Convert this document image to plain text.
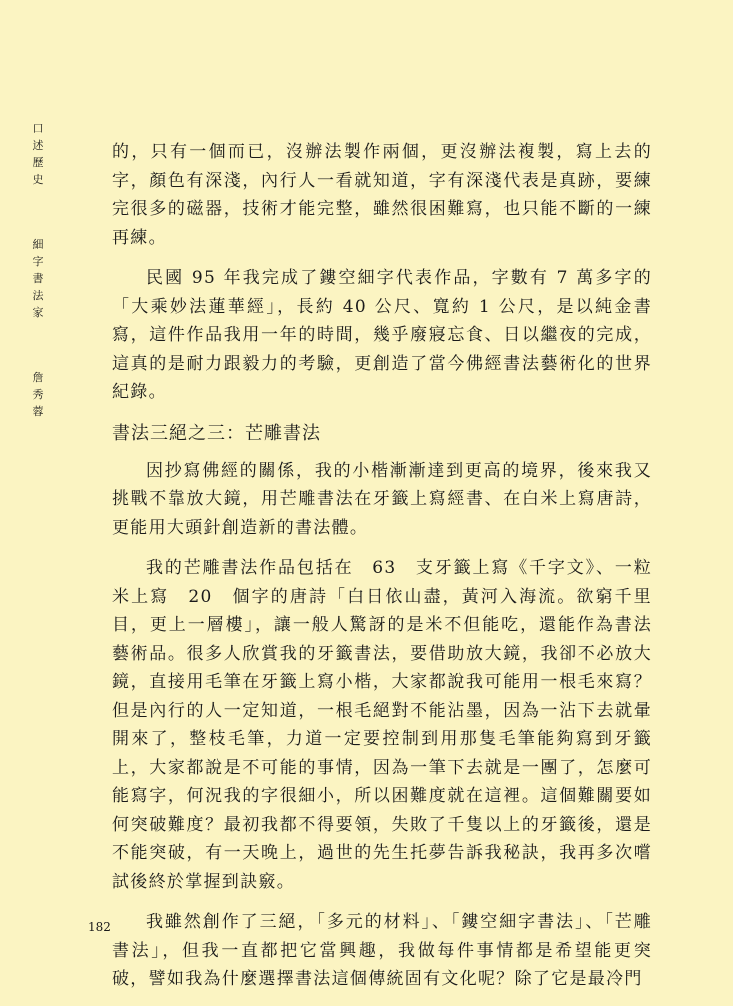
口述歷史
細字書法家
詹秀蓉

的，只有一個而已，沒辦法製作兩個，更沒辦法複製，寫上去的字，顏色有深淺，內行人一看就知道，字有深淺代表是真跡，要練完很多的磁器，技術才能完整，雖然很困難寫，也只能不斷的一練再練。

民國 95 年我完成了鏤空細字代表作品，字數有 7 萬多字的「大乘妙法蓮華經」，長約 40 公尺、寬約 1 公尺，是以純金書寫，這件作品我用一年的時間，幾乎廢寢忘食、日以繼夜的完成，這真的是耐力跟毅力的考驗，更創造了當今佛經書法藝術化的世界紀錄。

書法三絕之三：芒雕書法

因抄寫佛經的關係，我的小楷漸漸達到更高的境界，後來我又挑戰不靠放大鏡，用芒雕書法在牙籤上寫經書、在白米上寫唐詩，更能用大頭針創造新的書法體。

我的芒雕書法作品包括在　63　支牙籤上寫《千字文》、一粒米上寫　20　個字的唐詩「白日依山盡，黃河入海流。欲窮千里目，更上一層樓」，讓一般人驚訝的是米不但能吃，還能作為書法藝術品。很多人欣賞我的牙籤書法，要借助放大鏡，我卻不必放大鏡，直接用毛筆在牙籤上寫小楷，大家都說我可能用一根毛來寫？但是內行的人一定知道，一根毛絕對不能沾墨，因為一沾下去就暈開來了，整枝毛筆，力道一定要控制到用那隻毛筆能夠寫到牙籤上，大家都說是不可能的事情，因為一筆下去就是一團了，怎麼可能寫字，何況我的字很細小，所以困難度就在這裡。這個難關要如何突破難度？最初我都不得要領，失敗了千隻以上的牙籤後，還是不能突破，有一天晚上，過世的先生托夢告訴我秘訣，我再多次嚐試後終於掌握到訣竅。

我雖然創作了三絕，「多元的材料」、「鏤空細字書法」、「芒雕書法」，但我一直都把它當興趣，我做每件事情都是希望能更突破，譬如我為什麼選擇書法這個傳統固有文化呢？除了它是最冷門

182
